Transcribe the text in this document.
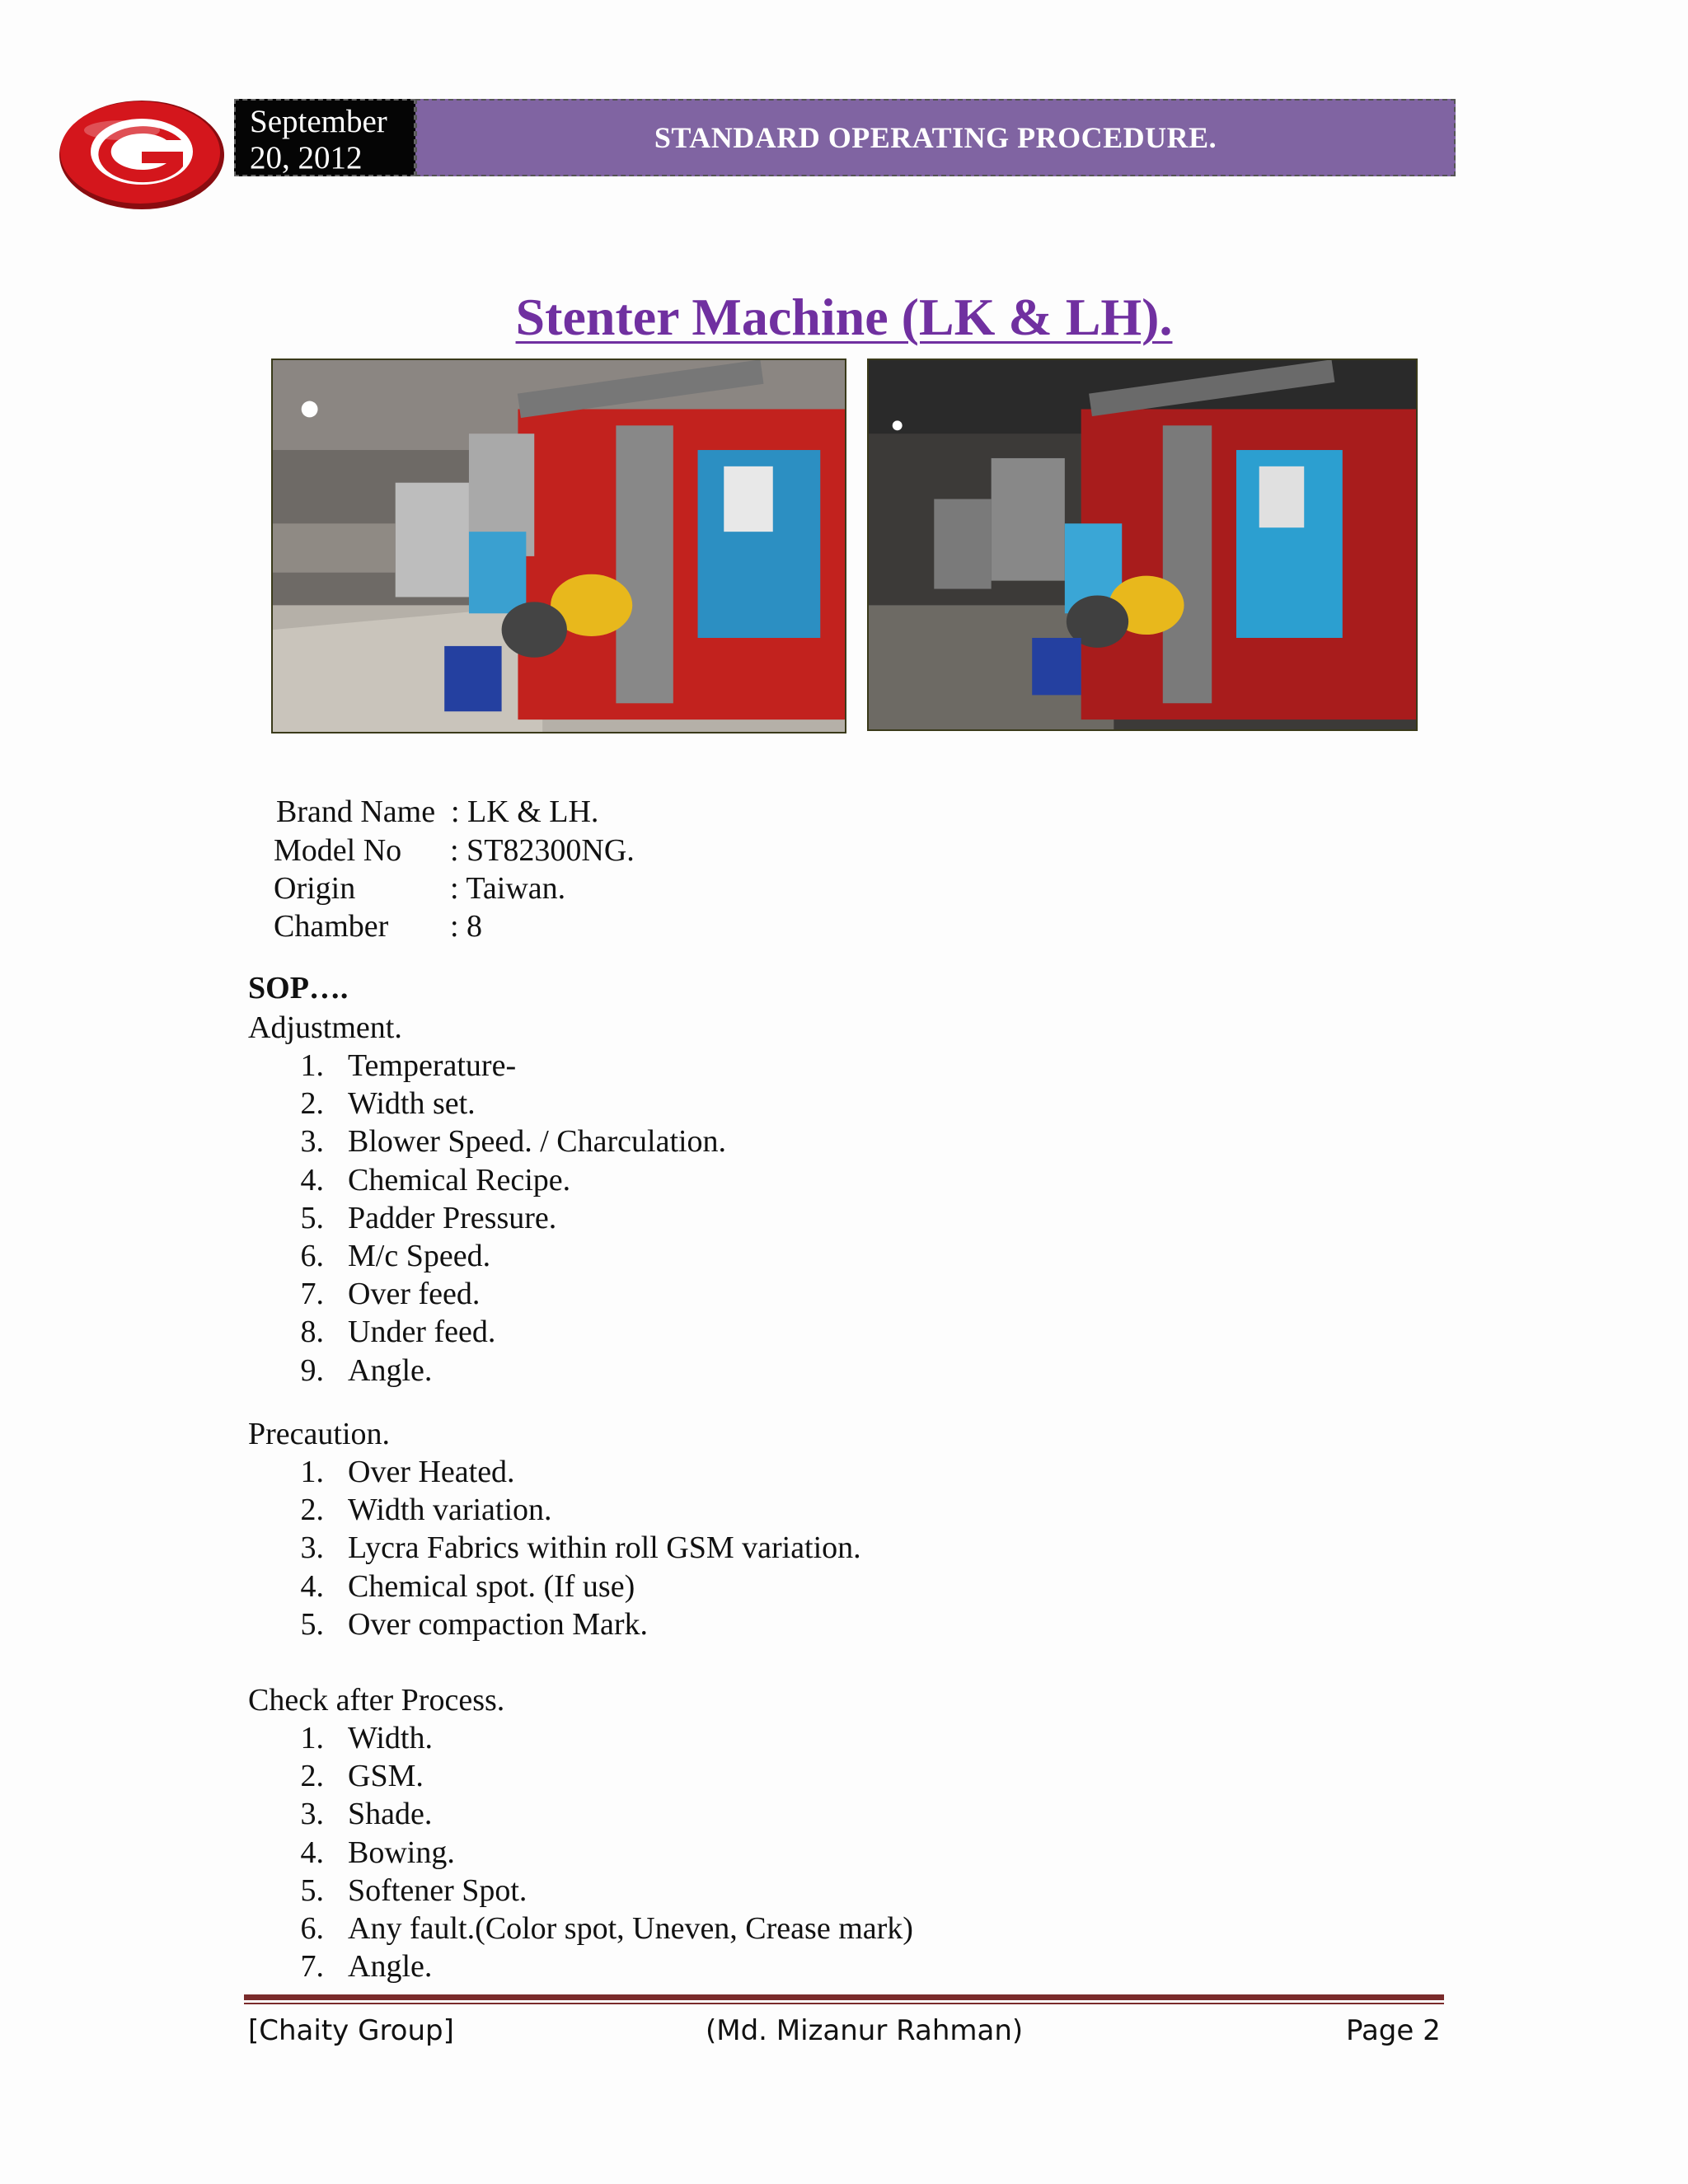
September
20, 2012
STANDARD OPERATING PROCEDURE.
Stenter Machine (LK & LH).
Brand Name : LK & LH.
Model No : ST82300NG.
Origin	: Taiwan.
Chamber : 8
SOP….
Adjustment.
1. Temperature-
2. Width set.
3. Blower Speed. / Charculation.
4. Chemical Recipe.
5. Padder Pressure.
6. M/c Speed.
7. Over feed.
8. Under feed.
9. Angle.
Precaution.
1. Over Heated.
2. Width variation.
3. Lycra Fabrics within roll GSM variation.
4. Chemical spot. (If use)
5. Over compaction Mark.
Check after Process.
1. Width.
2. GSM.
3. Shade.
4. Bowing.
5. Softener Spot.
6. Any fault.(Color spot, Uneven, Crease mark)
7. Angle.
[Chaity Group]	(Md. Mizanur Rahman)	Page 2
